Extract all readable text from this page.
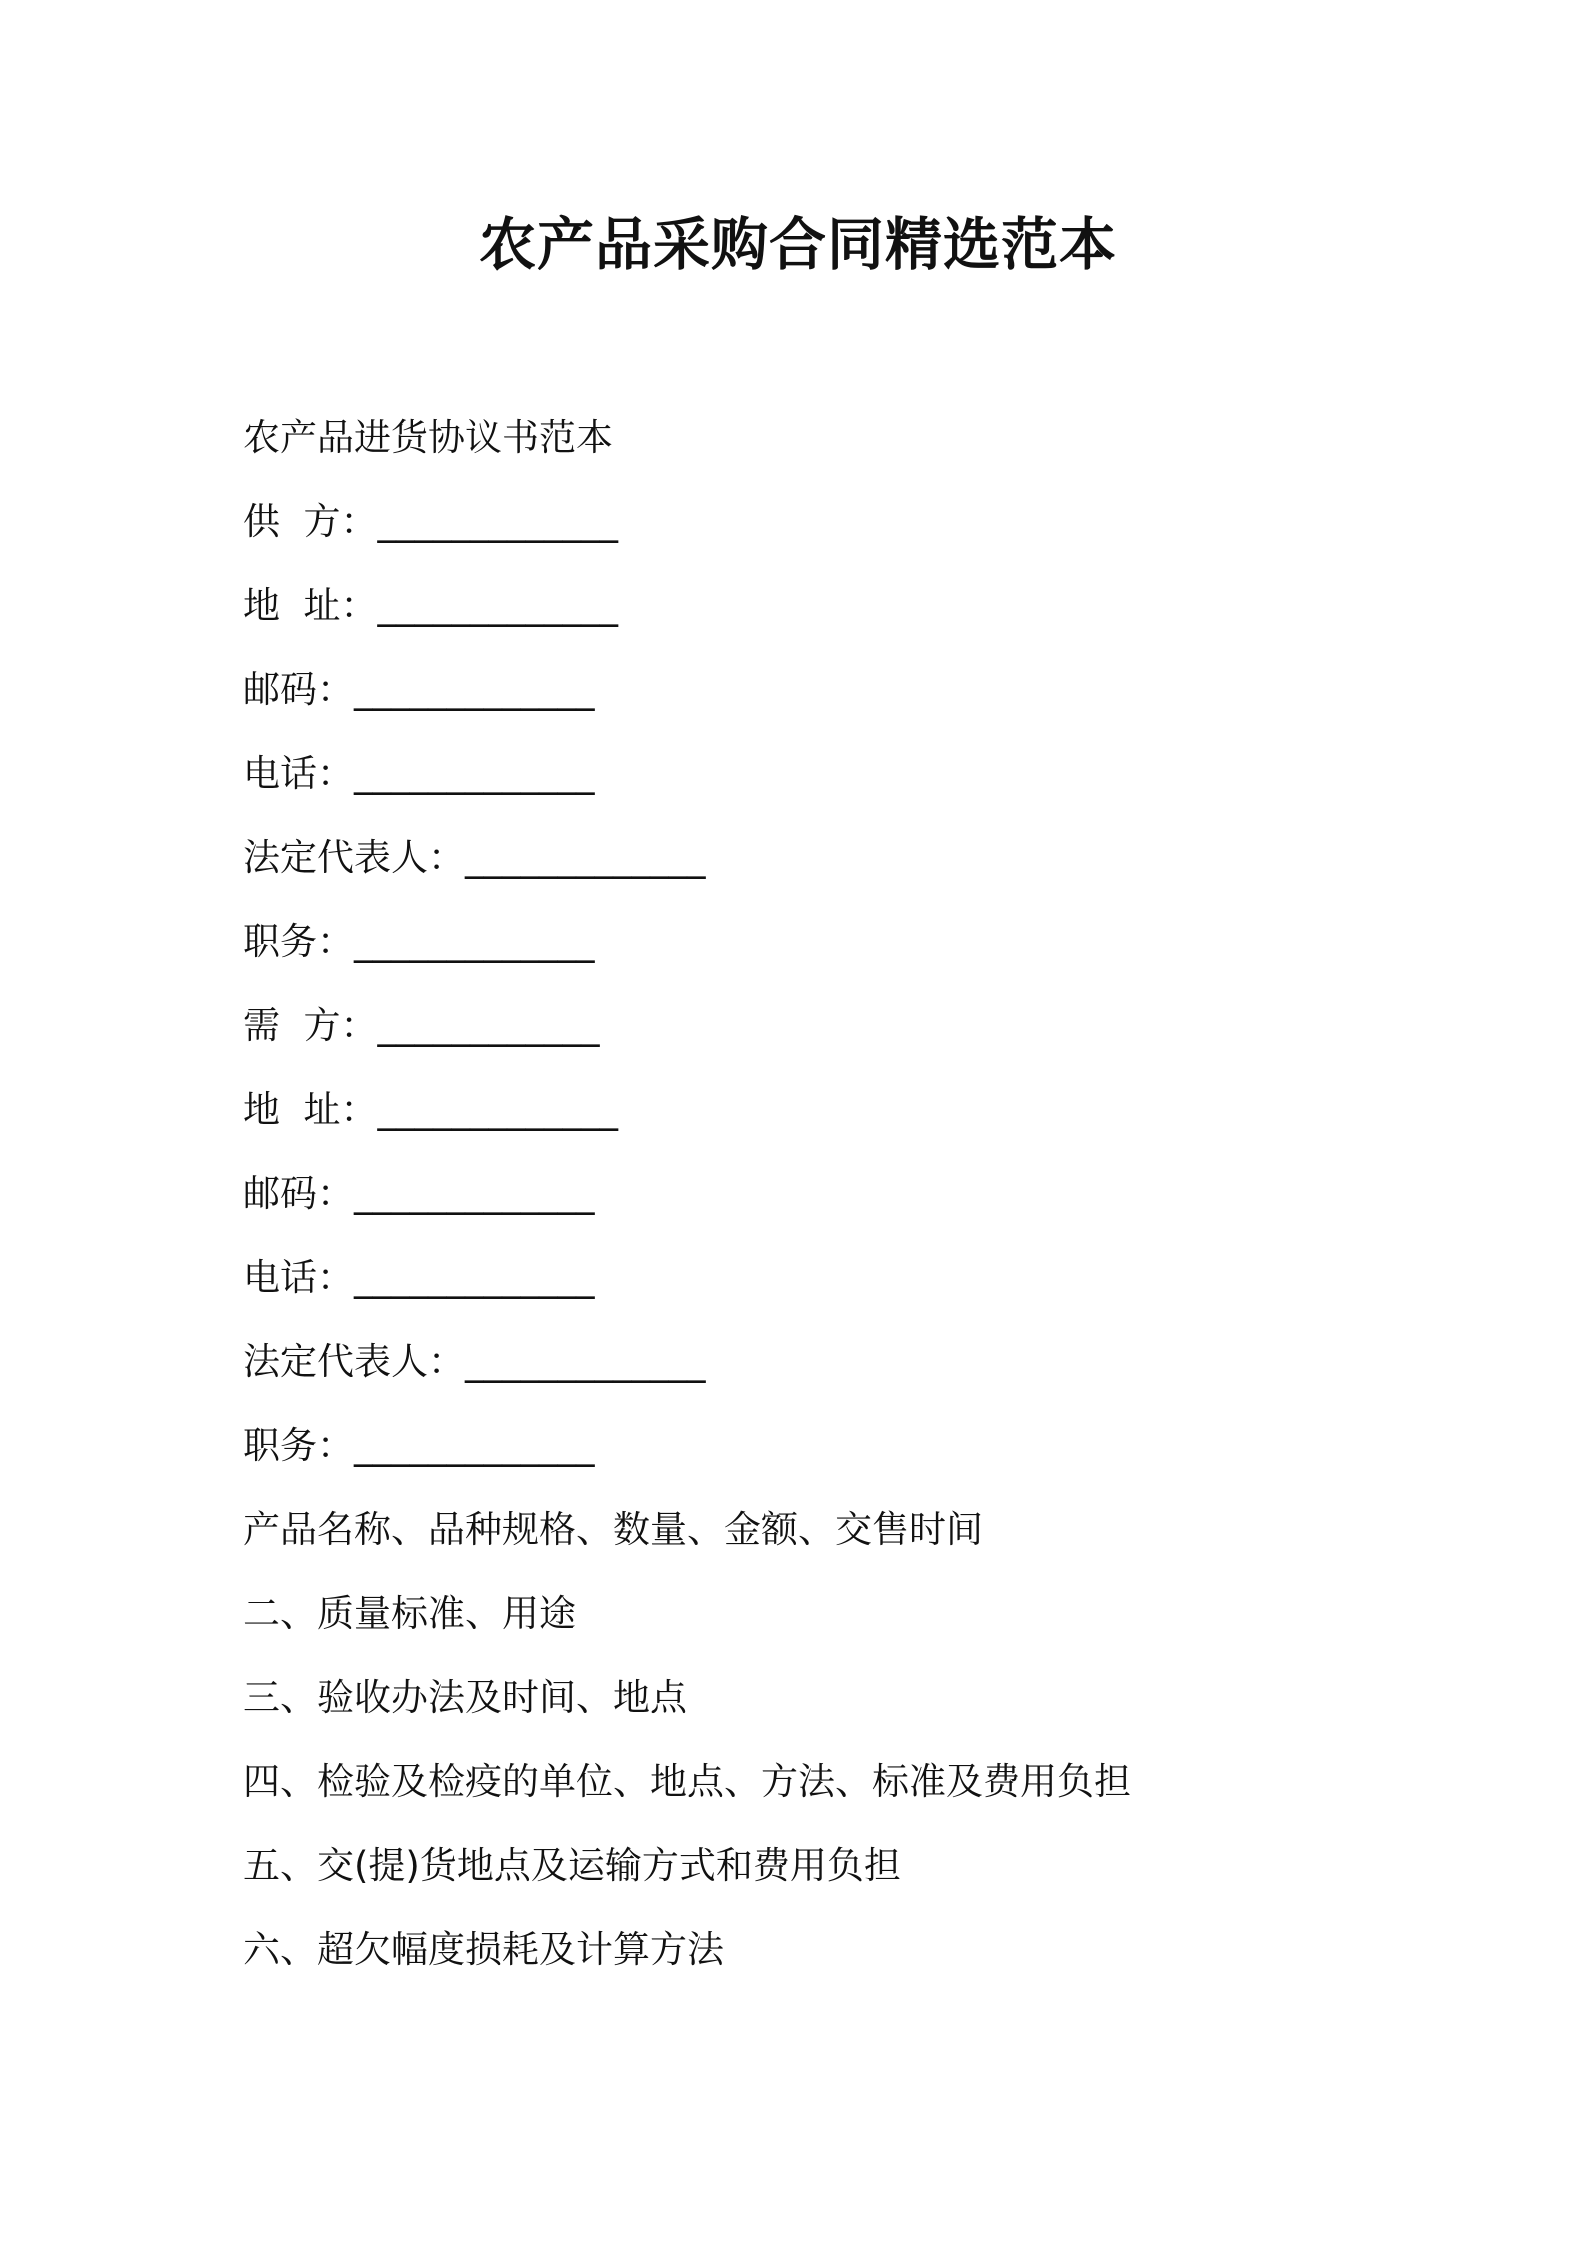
农产品采购合同精选范本

农产品进货协议书范本

供  方：_____________

地  址：_____________

邮码：_____________

电话：_____________

法定代表人：_____________

职务：_____________

需  方：____________

地  址：_____________

邮码：_____________

电话：_____________

法定代表人：_____________

职务：_____________

产品名称、品种规格、数量、金额、交售时间

二、质量标准、用途

三、验收办法及时间、地点

四、检验及检疫的单位、地点、方法、标准及费用负担

五、交(提)货地点及运输方式和费用负担

六、超欠幅度损耗及计算方法
